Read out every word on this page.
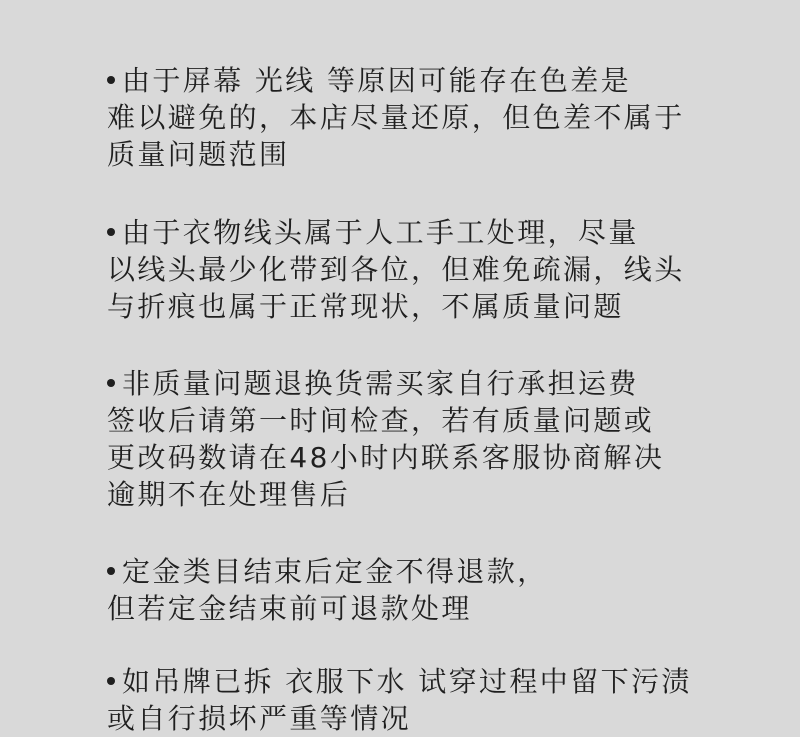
由于屏幕 光线 等原因可能存在色差是
难以避免的，本店尽量还原，但色差不属于
质量问题范围
由于衣物线头属于人工手工处理，尽量
以线头最少化带到各位，但难免疏漏，线头
与折痕也属于正常现状，不属质量问题
非质量问题退换货需买家自行承担运费
签收后请第一时间检查，若有质量问题或
更改码数请在48小时内联系客服协商解决
逾期不在处理售后
定金类目结束后定金不得退款，
但若定金结束前可退款处理
如吊牌已拆 衣服下水 试穿过程中留下污渍
或自行损坏严重等情况
